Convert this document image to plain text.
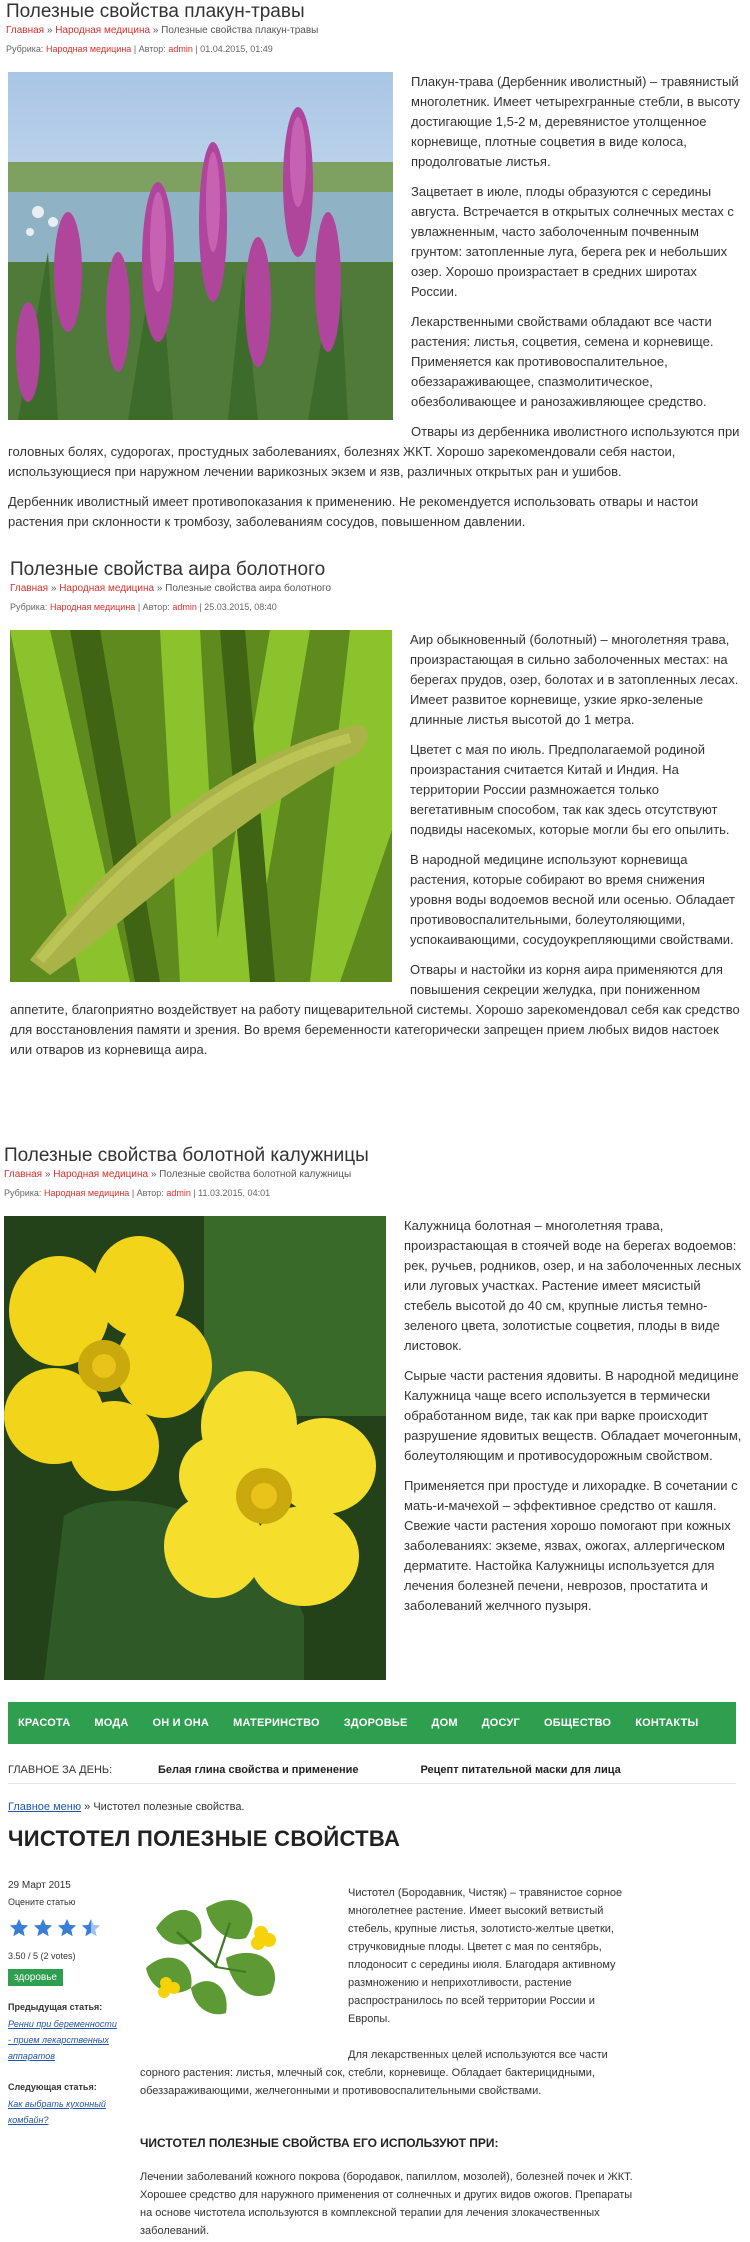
Полезные свойства плакун-травы
Главная » Народная медицина » Полезные свойства плакун-травы
Рубрика: Народная медицина | Автор: admin | 01.04.2015, 01:49

Плакун-трава (Дербенник иволистный) – травянистый многолетник. Имеет четырехгранные стебли, в высоту достигающие 1,5-2 м, деревянистое утолщенное корневище, плотные соцветия в виде колоса, продолговатые листья.

Зацветает в июле, плоды образуются с середины августа. Встречается в открытых солнечных местах с увлажненным, часто заболоченным почвенным грунтом: затопленные луга, берега рек и небольших озер. Хорошо произрастает в средних широтах России.

Лекарственными свойствами обладают все части растения: листья, соцветия, семена и корневище. Применяется как противовоспалительное, обеззараживающее, спазмолитическое, обезболивающее и ранозаживляющее средство.

Отвары из дербенника иволистного используются при головных болях, судорогах, простудных заболеваниях, болезнях ЖКТ. Хорошо зарекомендовали себя настои, использующиеся при наружном лечении варикозных экзем и язв, различных открытых ран и ушибов.

Дербенник иволистный имеет противопоказания к применению. Не рекомендуется использовать отвары и настои растения при склонности к тромбозу, заболеваниям сосудов, повышенном давлении.

Полезные свойства аира болотного
Главная » Народная медицина » Полезные свойства аира болотного
Рубрика: Народная медицина | Автор: admin | 25.03.2015, 08:40

Аир обыкновенный (болотный) – многолетняя трава, произрастающая в сильно заболоченных местах: на берегах прудов, озер, болотах и в затопленных лесах. Имеет развитое корневище, узкие ярко-зеленые длинные листья высотой до 1 метра.

Цветет с мая по июль. Предполагаемой родиной произрастания считается Китай и Индия. На территории России размножается только вегетативным способом, так как здесь отсутствуют подвиды насекомых, которые могли бы его опылить.

В народной медицине используют корневища растения, которые собирают во время снижения уровня воды водоемов весной или осенью. Обладает противовоспалительными, болеутоляющими, успокаивающими, сосудоукрепляющими свойствами.

Отвары и настойки из корня аира применяются для повышения секреции желудка, при пониженном аппетите, благоприятно воздействует на работу пищеварительной системы. Хорошо зарекомендовал себя как средство для восстановления памяти и зрения. Во время беременности категорически запрещен прием любых видов настоек или отваров из корневища аира.

Полезные свойства болотной калужницы
Главная » Народная медицина » Полезные свойства болотной калужницы
Рубрика: Народная медицина | Автор: admin | 11.03.2015, 04:01

Калужница болотная – многолетняя трава, произрастающая в стоячей воде на берегах водоемов: рек, ручьев, родников, озер, и на заболоченных лесных или луговых участках. Растение имеет мясистый стебель высотой до 40 см, крупные листья темно-зеленого цвета, золотистые соцветия, плоды в виде листовок.

Сырые части растения ядовиты. В народной медицине Калужница чаще всего используется в термически обработанном виде, так как при варке происходит разрушение ядовитых веществ. Обладает мочегонным, болеутоляющим и противосудорожным свойством.

Применяется при простуде и лихорадке. В сочетании с мать-и-мачехой – эффективное средство от кашля. Свежие части растения хорошо помогают при кожных заболеваниях: экземе, язвах, ожогах, аллергическом дерматите. Настойка Калужницы используется для лечения болезней печени, неврозов, простатита и заболеваний желчного пузыря.

КРАСОТА МОДА ОН И ОНА МАТЕРИНСТВО ЗДОРОВЬЕ ДОМ ДОСУГ ОБЩЕСТВО КОНТАКТЫ
ГЛАВНОЕ ЗА ДЕНЬ:	Белая глина свойства и применение	Рецепт питательной маски для лица
Главное меню » Чистотел полезные свойства.
ЧИСТОТЕЛ ПОЛЕЗНЫЕ СВОЙСТВА
29 Март 2015
Оцените статью
3.50 / 5 (2 votes)
здоровье
Предыдущая статья:
Ренни при беременности - прием лекарственных аппаратов
Следующая статья:
Как выбрать кухонный комбайн?
Чистотел (Бородавник, Чистяк) – травянистое сорное многолетнее растение. Имеет высокий ветвистый стебель, крупные листья, золотисто-желтые цветки, стручковидные плоды. Цветет с мая по сентябрь, плодоносит с середины июля. Благодаря активному размножению и неприхотливости, растение распространилось по всей территории России и Европы.
Для лекарственных целей используются все части
сорного растения: листья, млечный сок, стебли, корневище. Обладает бактерицидными, обеззараживающими, желчегонными и противовоспалительными свойствами.
ЧИСТОТЕЛ ПОЛЕЗНЫЕ СВОЙСТВА ЕГО ИСПОЛЬЗУЮТ ПРИ:
Лечении заболеваний кожного покрова (бородавок, папиллом, мозолей), болезней почек и ЖКТ. Хорошее средство для наружного применения от солнечных и других видов ожогов. Препараты на основе чистотела используются в комплексной терапии для лечения злокачественных заболеваний.
